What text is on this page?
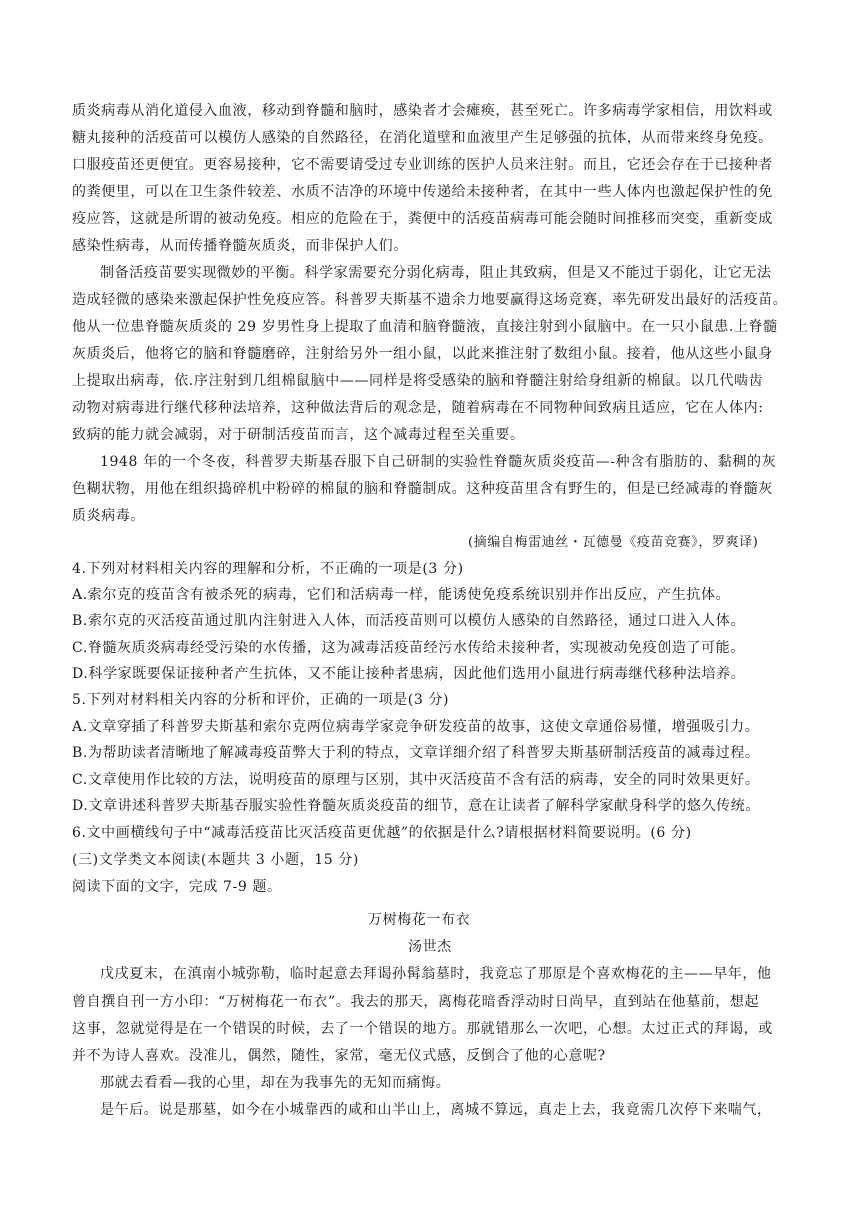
质炎病毒从消化道侵入血液，移动到脊髓和脑时，感染者才会瘫痪，甚至死亡。许多病毒学家相信，用饮料或
糖丸接种的活疫苗可以模仿人感染的自然路径，在消化道壁和血液里产生足够强的抗体，从而带来终身免疫。
口服疫苗还更便宜。更容易接种，它不需要请受过专业训练的医护人员来注射。而且，它还会存在于已接种者
的粪便里，可以在卫生条件较差、水质不洁净的环境中传递给未接种者，在其中一些人体内也激起保护性的免
疫应答，这就是所谓的被动免疫。相应的危险在于，粪便中的活疫苗病毒可能会随时间推移而突变，重新变成
感染性病毒，从而传播脊髓灰质炎，而非保护人们。
制备活疫苗要实现微妙的平衡。科学家需要充分弱化病毒，阻止其致病，但是又不能过于弱化，让它无法
造成轻微的感染来激起保护性免疫应答。科普罗夫斯基不遗余力地要赢得这场竞赛，率先研发出最好的活疫苗。
他从一位患脊髓灰质炎的 29 岁男性身上提取了血清和脑脊髓液，直接注射到小鼠脑中。在一只小鼠患.上脊髓
灰质炎后，他将它的脑和脊髓磨碎，注射给另外一组小鼠，以此来推注射了数组小鼠。接着，他从这些小鼠身
上提取出病毒，依.序注射到几组棉鼠脑中——同样是将受感染的脑和脊髓注射给身组新的棉鼠。以几代啮齿
动物对病毒进行继代移种法培养，这种做法背后的观念是，随着病毒在不同物种间致病且适应，它在人体内:
致病的能力就会减弱，对于研制活疫苗而言，这个减毒过程至关重要。
1948 年的一个冬夜，科普罗夫斯基吞服下自己研制的实验性脊髓灰质炎疫苗—-种含有脂肪的、黏稠的灰
色糊状物，用他在组织捣碎机中粉碎的棉鼠的脑和脊髓制成。这种疫苗里含有野生的，但是已经减毒的脊髓灰
质炎病毒。
(摘编自梅雷迪丝・瓦德曼《疫苗竞赛》，罗爽译)
4.下列对材料相关内容的理解和分析，不正确的一项是(3 分)
A.索尔克的疫苗含有被杀死的病毒，它们和活病毒一样，能诱使免疫系统识别并作出反应，产生抗体。
B.索尔克的灭活疫苗通过肌内注射进入人体，而活疫苗则可以模仿人感染的自然路径，通过口进入人体。
C.脊髓灰质炎病毒经受污染的水传播，这为减毒活疫苗经污水传给未接种者，实现被动免疫创造了可能。
D.科学家既要保证接种者产生抗体，又不能让接种者患病，因此他们选用小鼠进行病毒继代移种法培养。
5.下列对材料相关内容的分析和评价，正确的一项是(3 分)
A.文章穿插了科普罗夫斯基和索尔克两位病毒学家竞争研发疫苗的故事，这使文章通俗易懂，增强吸引力。
B.为帮助读者清晰地了解减毒疫苗弊大于利的特点，文章详细介绍了科普罗夫斯基研制活疫苗的减毒过程。
C.文章使用作比较的方法，说明疫苗的原理与区别，其中灭活疫苗不含有活的病毒，安全的同时效果更好。
D.文章讲述科普罗夫斯基吞服实验性脊髓灰质炎疫苗的细节，意在让读者了解科学家献身科学的悠久传统。
6.文中画横线句子中“减毒活疫苗比灭活疫苗更优越”的依据是什么?请根据材料简要说明。(6 分)
(三)文学类文本阅读(本题共 3 小题，15 分)
阅读下面的文字，完成 7-9 题。
万树梅花一布衣
汤世杰
戊戌夏末，在滇南小城弥勒，临时起意去拜谒孙髯翁墓时，我竟忘了那原是个喜欢梅花的主——早年，他
曾自撰自刊一方小印：“万树梅花一布衣”。我去的那天，离梅花暗香浮动时日尚早，直到站在他墓前，想起
这事，忽就觉得是在一个错误的时候，去了一个错误的地方。那就错那么一次吧，心想。太过正式的拜谒，或
并不为诗人喜欢。没准儿，偶然，随性，家常，毫无仪式感，反倒合了他的心意呢?
那就去看看—我的心里，却在为我事先的无知而痛悔。
是午后。说是那墓，如今在小城靠西的咸和山半山上，离城不算远，真走上去，我竟需几次停下来喘气，
